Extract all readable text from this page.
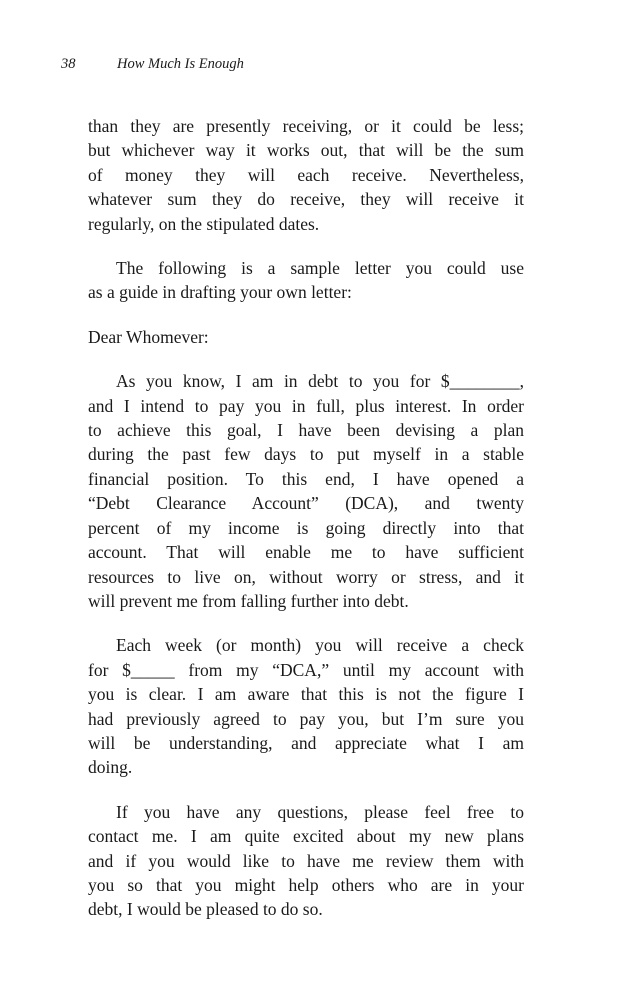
38	How Much Is Enough
than they are presently receiving, or it could be less;
but whichever way it works out, that will be the sum
of money they will each receive. Nevertheless,
whatever sum they do receive, they will receive it
regularly, on the stipulated dates.
The following is a sample letter you could use
as a guide in drafting your own letter:
Dear Whomever:
As you know, I am in debt to you for $________,
and I intend to pay you in full, plus interest. In order
to achieve this goal, I have been devising a plan
during the past few days to put myself in a stable
financial position. To this end, I have opened a
“Debt Clearance Account” (DCA), and twenty
percent of my income is going directly into that
account. That will enable me to have sufficient
resources to live on, without worry or stress, and it
will prevent me from falling further into debt.
Each week (or month) you will receive a check
for $_____ from my “DCA,” until my account with
you is clear. I am aware that this is not the figure I
had previously agreed to pay you, but I’m sure you
will be understanding, and appreciate what I am
doing.
If you have any questions, please feel free to
contact me. I am quite excited about my new plans
and if you would like to have me review them with
you so that you might help others who are in your
debt, I would be pleased to do so.
